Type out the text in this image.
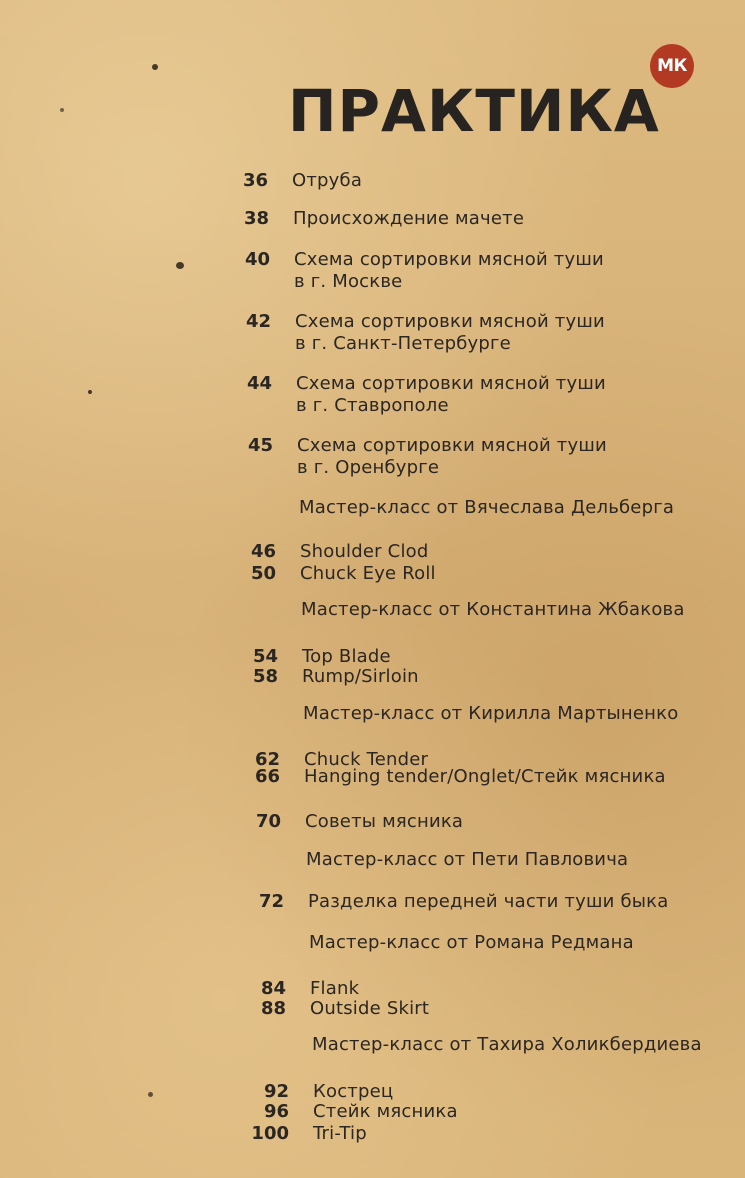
МК
ПРАКТИКА
36 Отруба
38 Происхождение мачете
40 Схема сортировки мясной туши
в г. Москве
42 Схема сортировки мясной туши
в г. Санкт-Петербурге
44 Схема сортировки мясной туши
в г. Ставрополе
45 Схема сортировки мясной туши
в г. Оренбурге
Мастер-класс от Вячеслава Дельберга
46 Shoulder Clod
50 Chuck Eye Roll
Мастер-класс от Константина Жбакова
54 Top Blade
58 Rump/Sirloin
Мастер-класс от Кирилла Мартыненко
62 Chuck Tender
66 Hanging tender/Onglet/Стейк мясника
70 Советы мясника
Мастер-класс от Пети Павловича
72 Разделка передней части туши быка
Мастер-класс от Романа Редмана
84 Flank
88 Outside Skirt
Мастер-класс от Тахира Холикбердиева
92 Кострец
96 Стейк мясника
100 Tri-Tip
